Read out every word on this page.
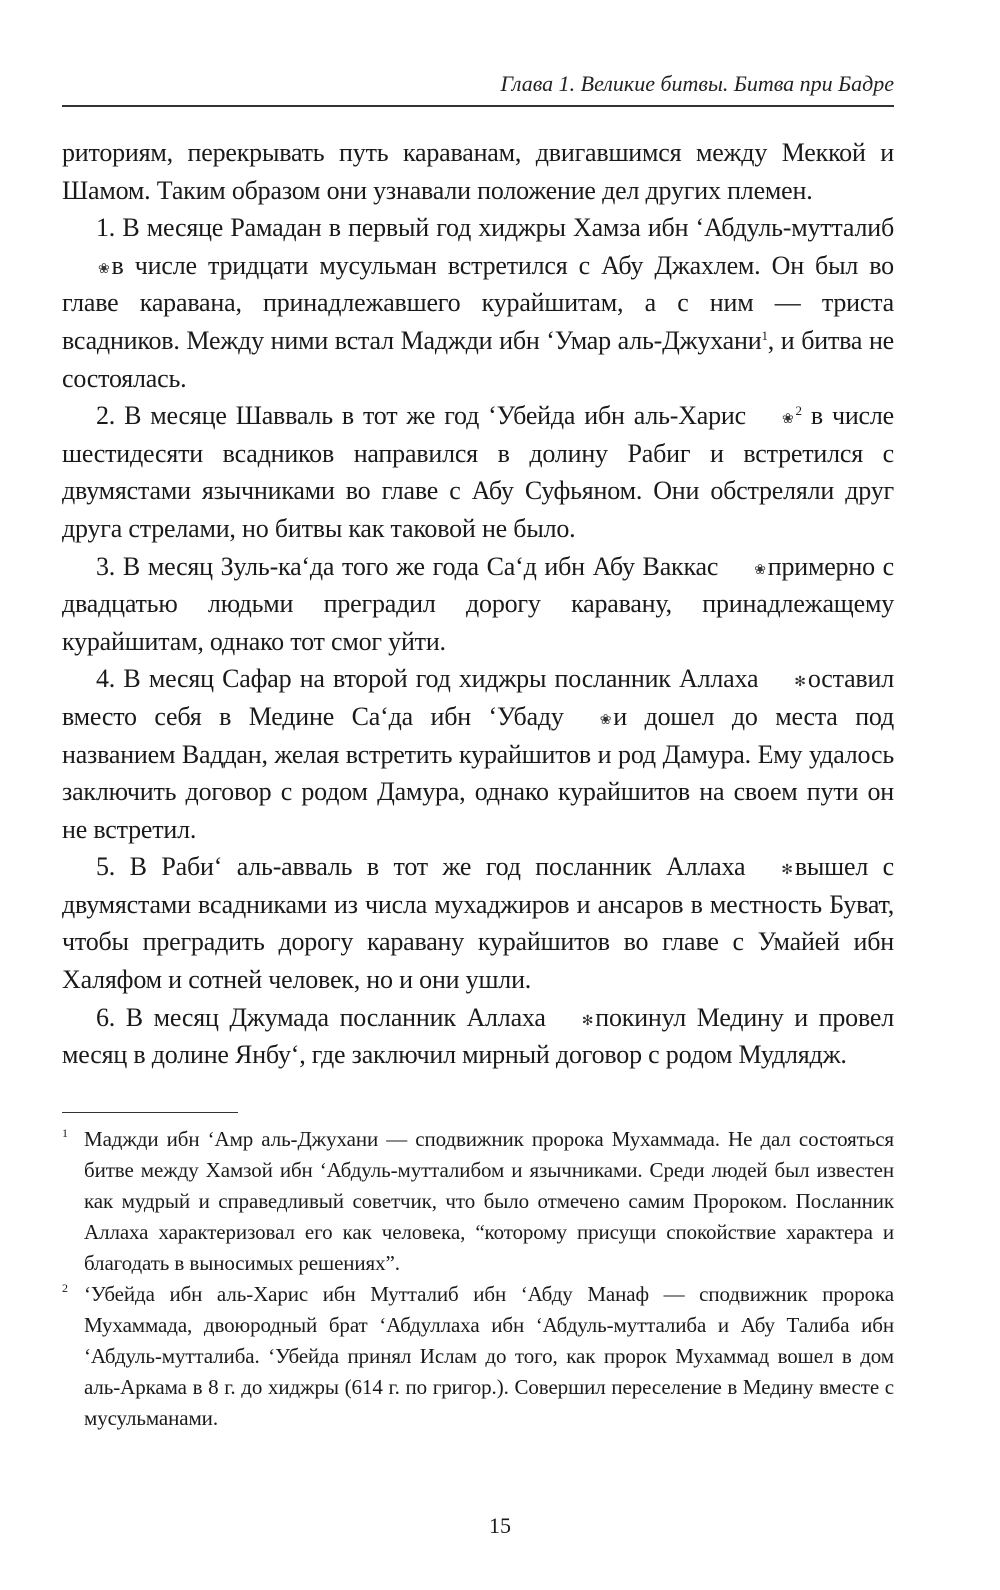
Глава 1. Великие битвы. Битва при Бадре

риториям, перекрывать путь караванам, двигавшимся между Меккой и Шамом. Таким образом они узнавали положение дел других племен.

1. В месяце Рамадан в первый год хиджры Хамза ибн ‘Абдуль-мутталиб❀в числе тридцати мусульман встретился с Абу Джахлем. Он был во главе каравана, принадлежавшего курайшитам, а с ним — триста всадников. Между ними встал Маджди ибн ‘Умар аль-Джухани$^1$, и битва не состоялась.

2. В месяце Шавваль в тот же год ‘Убейда ибн аль-Харис	❀$^2$ в числе шестидесяти всадников направился в долину Рабиг и встретился с двумястами язычниками во главе с Абу Суфьяном. Они обстреляли друг друга стрелами, но битвы как таковой не было.

3. В месяц Зуль-ка‘да того же года Са‘д ибн Абу Ваккас	❀примерно с двадцатью людьми преградил дорогу каравану, принадлежащему курайшитам, однако тот смог уйти.

4. В месяц Сафар на второй год хиджры посланник Аллаха	✻оставил вместо себя в Медине Са‘да ибн ‘Убаду	❀и дошел до места под названием Ваддан, желая встретить курайшитов и род Дамура. Ему удалось заключить договор с родом Дамура, однако курайшитов на своем пути он не встретил.

5. В Раби‘ аль-авваль в тот же год посланник Аллаха	✻вышел с двумястами всадниками из числа мухаджиров и ансаров в местность Буват, чтобы преградить дорогу каравану курайшитов во главе с Умайей ибн Халяфом и сотней человек, но и они ушли.

6. В месяц Джумада посланник Аллаха	✻покинул Медину и провел месяц в долине Янбу‘, где заключил мирный договор с родом Мудлядж.

1 Маджди ибн ‘Амр аль-Джухани — сподвижник пророка Мухаммада. Не дал состояться битве между Хамзой ибн ‘Абдуль-мутталибом и язычниками. Среди людей был известен как мудрый и справедливый советчик, что было отмечено самим Пророком. Посланник Аллаха характеризовал его как человека, “которому присущи спокойствие характера и благодать в выносимых решениях”.

2 ‘Убейда ибн аль-Харис ибн Мутталиб ибн ‘Абду Манаф — сподвижник пророка Мухаммада, двоюродный брат ‘Абдуллаха ибн ‘Абдуль-мутталиба и Абу Талиба ибн ‘Абдуль-мутталиба. ‘Убейда принял Ислам до того, как пророк Мухаммад вошел в дом аль-Аркама в 8 г. до хиджры (614 г. по григор.). Совершил переселение в Медину вместе с мусульманами.

15
